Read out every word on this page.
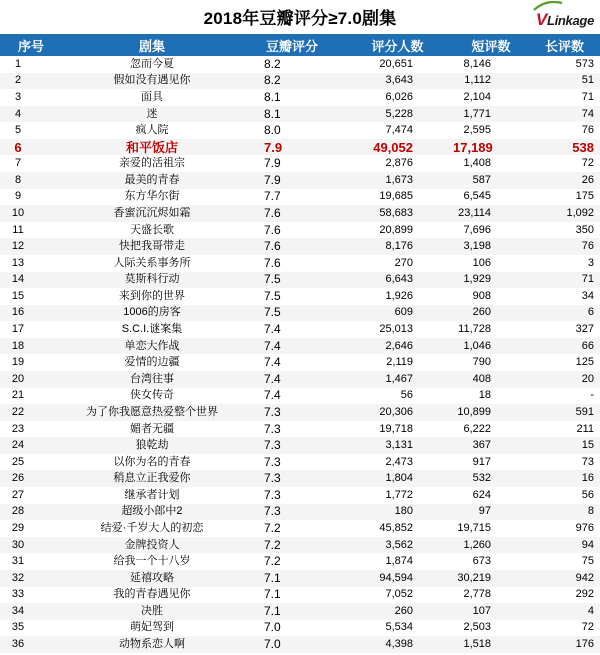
2018年豆瓣评分≥7.0剧集	VLinkage
序号	剧集	豆瓣评分	评分人数	短评数	长评数
1	忽而今夏	8.2	20,651	8,146	573
2	假如没有遇见你	8.2	3,643	1,112	51
3	面具	8.1	6,026	2,104	71
4	迷	8.1	5,228	1,771	74
5	疯人院	8.0	7,474	2,595	76
6	和平饭店	7.9	49,052	17,189	538
7	亲爱的活祖宗	7.9	2,876	1,408	72
8	最美的青春	7.9	1,673	587	26
9	东方华尔街	7.7	19,685	6,545	175
10	香蜜沉沉烬如霜	7.6	58,683	23,114	1,092
11	天盛长歌	7.6	20,899	7,696	350
12	快把我哥带走	7.6	8,176	3,198	76
13	人际关系事务所	7.6	270	106	3
14	莫斯科行动	7.5	6,643	1,929	71
15	来到你的世界	7.5	1,926	908	34
16	1006的房客	7.5	609	260	6
17	S.C.I.谜案集	7.4	25,013	11,728	327
18	单恋大作战	7.4	2,646	1,046	66
19	爱情的边疆	7.4	2,119	790	125
20	台湾往事	7.4	1,467	408	20
21	侠女传奇	7.4	56	18	-
22	为了你我愿意热爱整个世界	7.3	20,306	10,899	591
23	媚者无疆	7.3	19,718	6,222	211
24	狼乾劫	7.3	3,131	367	15
25	以你为名的青春	7.3	2,473	917	73
26	稍息立正我爱你	7.3	1,804	532	16
27	继承者计划	7.3	1,772	624	56
28	超级小郎中2	7.3	180	97	8
29	结爱·千岁大人的初恋	7.2	45,852	19,715	976
30	金牌投资人	7.2	3,562	1,260	94
31	给我一个十八岁	7.2	1,874	673	75
32	延禧攻略	7.1	94,594	30,219	942
33	我的青春遇见你	7.1	7,052	2,778	292
34	决胜	7.1	260	107	4
35	萌妃驾到	7.0	5,534	2,503	72
36	动物系恋人啊	7.0	4,398	1,518	176
